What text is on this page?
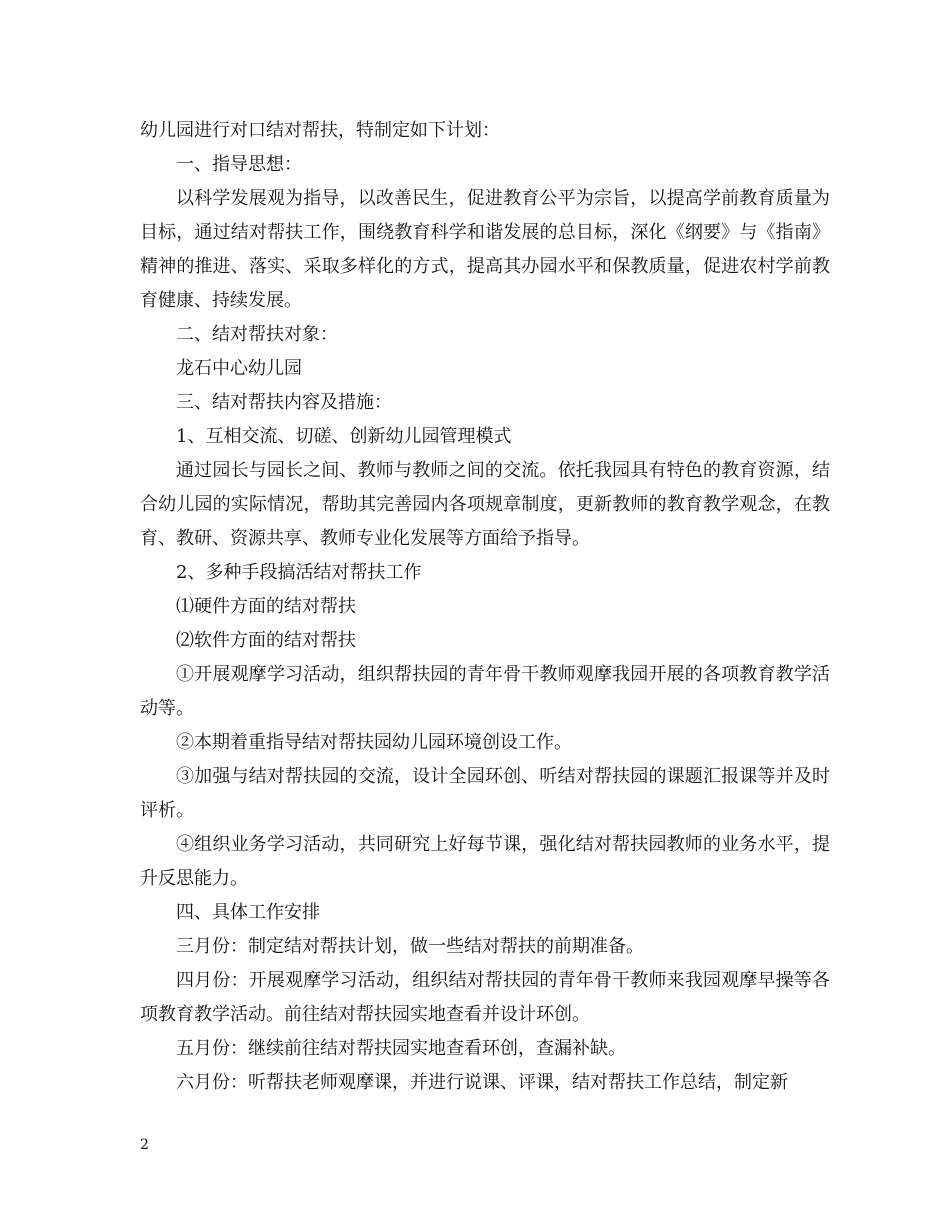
幼儿园进行对口结对帮扶，特制定如下计划：

一、指导思想：

以科学发展观为指导，以改善民生，促进教育公平为宗旨，以提高学前教育质量为目标，通过结对帮扶工作，围绕教育科学和谐发展的总目标，深化《纲要》与《指南》精神的推进、落实、采取多样化的方式，提高其办园水平和保教质量，促进农村学前教育健康、持续发展。

二、结对帮扶对象：

龙石中心幼儿园

三、结对帮扶内容及措施：

1、互相交流、切磋、创新幼儿园管理模式

通过园长与园长之间、教师与教师之间的交流。依托我园具有特色的教育资源，结合幼儿园的实际情况，帮助其完善园内各项规章制度，更新教师的教育教学观念，在教育、教研、资源共享、教师专业化发展等方面给予指导。

2、多种手段搞活结对帮扶工作

⑴硬件方面的结对帮扶

⑵软件方面的结对帮扶

①开展观摩学习活动，组织帮扶园的青年骨干教师观摩我园开展的各项教育教学活动等。

②本期着重指导结对帮扶园幼儿园环境创设工作。

③加强与结对帮扶园的交流，设计全园环创、听结对帮扶园的课题汇报课等并及时评析。

④组织业务学习活动，共同研究上好每节课，强化结对帮扶园教师的业务水平，提升反思能力。

四、具体工作安排

三月份：制定结对帮扶计划，做一些结对帮扶的前期准备。

四月份：开展观摩学习活动，组织结对帮扶园的青年骨干教师来我园观摩早操等各项教育教学活动。前往结对帮扶园实地查看并设计环创。

五月份：继续前往结对帮扶园实地查看环创，查漏补缺。

六月份：听帮扶老师观摩课，并进行说课、评课，结对帮扶工作总结，制定新

2
